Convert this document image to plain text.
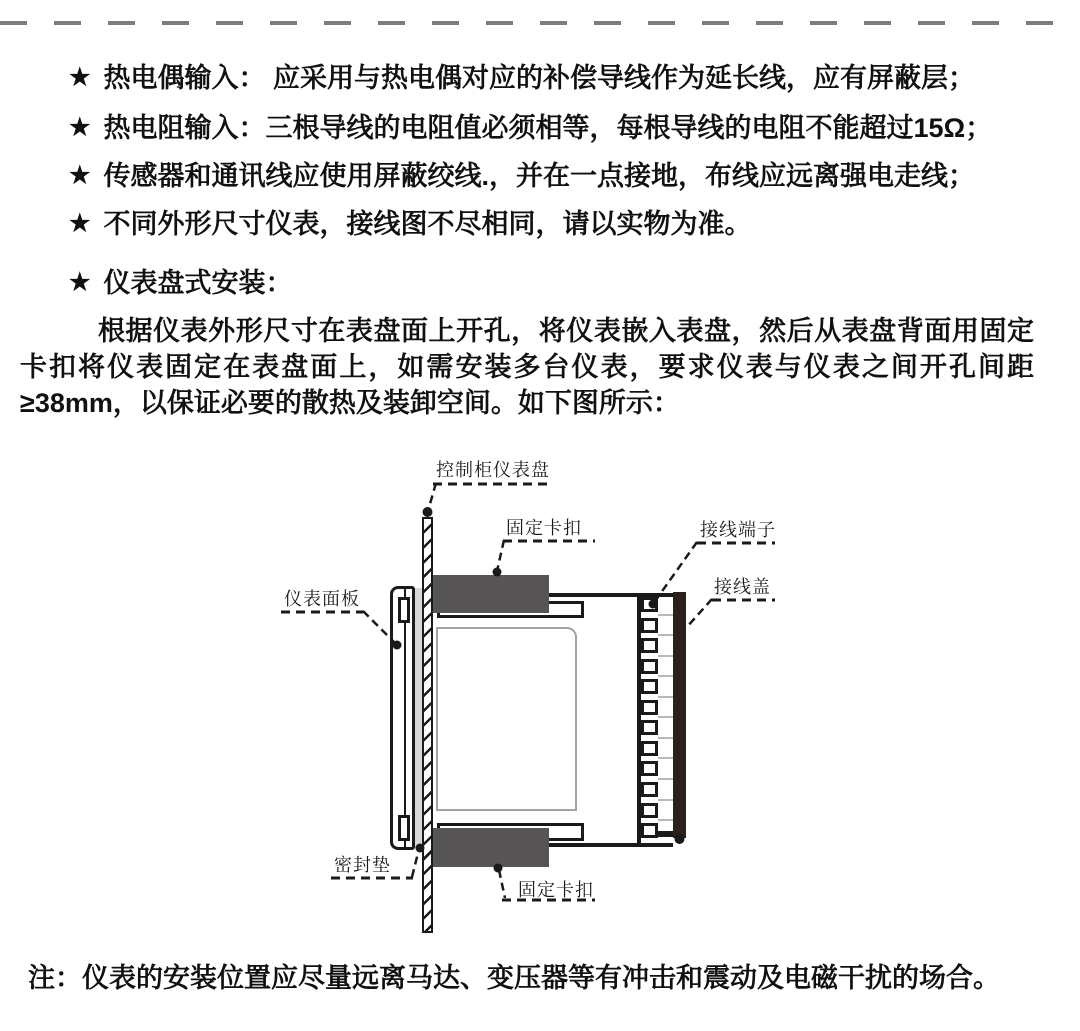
★ 热电偶输入： 应采用与热电偶对应的补偿导线作为延长线，应有屏蔽层；
★ 热电阻输入：三根导线的电阻值必须相等，每根导线的电阻不能超过15Ω；
★ 传感器和通讯线应使用屏蔽绞线.，并在一点接地，布线应远离强电走线；
★ 不同外形尺寸仪表，接线图不尽相同，请以实物为准。
★ 仪表盘式安装：
根据仪表外形尺寸在表盘面上开孔，将仪表嵌入表盘，然后从表盘背面用固定卡扣将仪表固定在表盘面上，如需安装多台仪表，要求仪表与仪表之间开孔间距≥38mm，以保证必要的散热及装卸空间。如下图所示：
控制柜仪表盘
固定卡扣	接线端子
接线盖
仪表面板
密封垫
固定卡扣
注：仪表的安装位置应尽量远离马达、变压器等有冲击和震动及电磁干扰的场合。
